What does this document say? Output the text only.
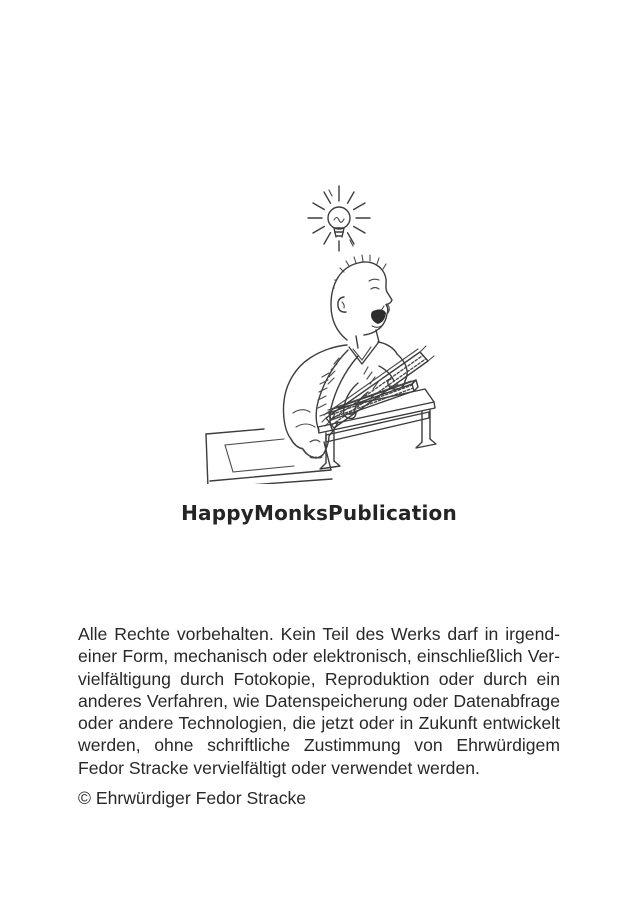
HappyMonksPublication
Alle Rechte vorbehalten. Kein Teil des Werks darf in irgend-
einer Form, mechanisch oder elektronisch, einschließlich Ver-
vielfältigung durch Fotokopie, Reproduktion oder durch ein
anderes Verfahren, wie Datenspeicherung oder Datenabfrage
oder andere Technologien, die jetzt oder in Zukunft entwickelt
werden, ohne schriftliche Zustimmung von Ehrwürdigem
Fedor Stracke vervielfältigt oder verwendet werden.
© Ehrwürdiger Fedor Stracke
